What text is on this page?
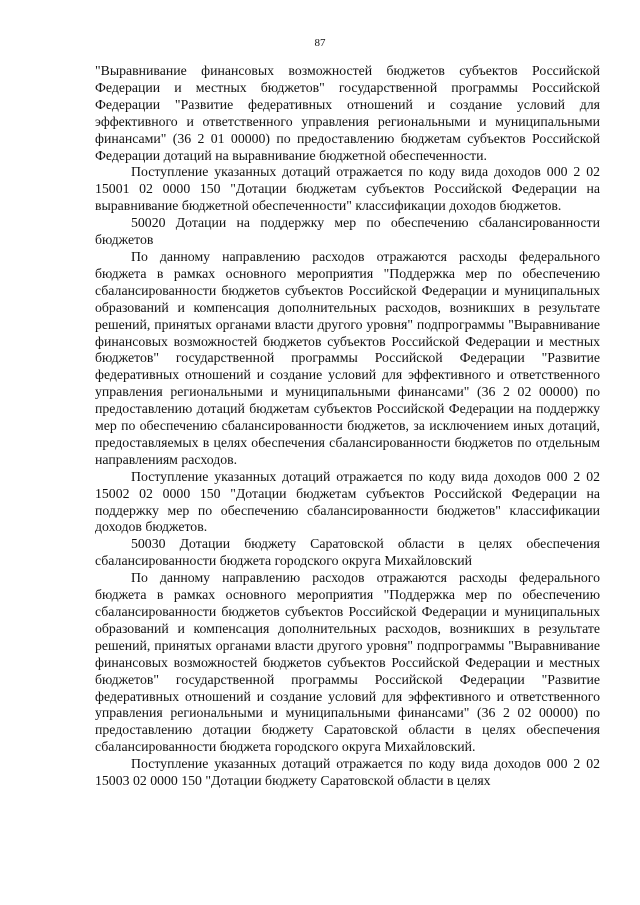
87

"Выравнивание финансовых возможностей бюджетов субъектов Российской Федерации и местных бюджетов" государственной программы Российской Федерации "Развитие федеративных отношений и создание условий для эффективного и ответственного управления региональными и муниципальными финансами" (36 2 01 00000) по предоставлению бюджетам субъектов Российской Федерации дотаций на выравнивание бюджетной обеспеченности.

Поступление указанных дотаций отражается по коду вида доходов 000 2 02 15001 02 0000 150 "Дотации бюджетам субъектов Российской Федерации на выравнивание бюджетной обеспеченности" классификации доходов бюджетов.

50020 Дотации на поддержку мер по обеспечению сбалансированности бюджетов

По данному направлению расходов отражаются расходы федерального бюджета в рамках основного мероприятия "Поддержка мер по обеспечению сбалансированности бюджетов субъектов Российской Федерации и муниципальных образований и компенсация дополнительных расходов, возникших в результате решений, принятых органами власти другого уровня" подпрограммы "Выравнивание финансовых возможностей бюджетов субъектов Российской Федерации и местных бюджетов" государственной программы Российской Федерации "Развитие федеративных отношений и создание условий для эффективного и ответственного управления региональными и муниципальными финансами" (36 2 02 00000) по предоставлению дотаций бюджетам субъектов Российской Федерации на поддержку мер по обеспечению сбалансированности бюджетов, за исключением иных дотаций, предоставляемых в целях обеспечения сбалансированности бюджетов по отдельным направлениям расходов.

Поступление указанных дотаций отражается по коду вида доходов 000 2 02 15002 02 0000 150 "Дотации бюджетам субъектов Российской Федерации на поддержку мер по обеспечению сбалансированности бюджетов" классификации доходов бюджетов.

50030 Дотации бюджету Саратовской области в целях обеспечения сбалансированности бюджета городского округа Михайловский

По данному направлению расходов отражаются расходы федерального бюджета в рамках основного мероприятия "Поддержка мер по обеспечению сбалансированности бюджетов субъектов Российской Федерации и муниципальных образований и компенсация дополнительных расходов, возникших в результате решений, принятых органами власти другого уровня" подпрограммы "Выравнивание финансовых возможностей бюджетов субъектов Российской Федерации и местных бюджетов" государственной программы Российской Федерации "Развитие федеративных отношений и создание условий для эффективного и ответственного управления региональными и муниципальными финансами" (36 2 02 00000) по предоставлению дотации бюджету Саратовской области в целях обеспечения сбалансированности бюджета городского округа Михайловский.

Поступление указанных дотаций отражается по коду вида доходов 000 2 02 15003 02 0000 150 "Дотации бюджету Саратовской области в целях
